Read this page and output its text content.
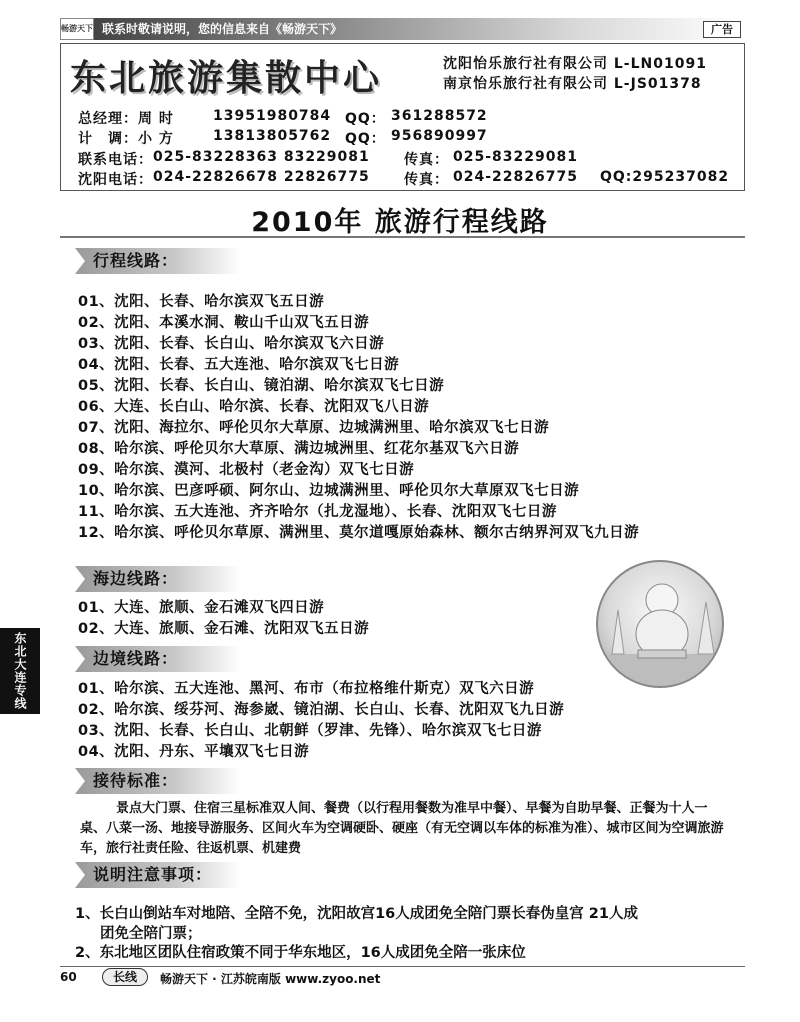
联系时敬请说明，您的信息来自《畅游天下》
畅游天下	广告
东北旅游集散中心	沈阳怡乐旅行社有限公司 L-LN01091
南京怡乐旅行社有限公司 L-JS01378
总经理：周 时	13951980784 QQ： 361288572
计　调：小 方	13813805762 QQ： 956890997
联系电话： 025-83228363 83229081 传真： 025-83229081
沈阳电话： 024-22826678 22826775 传真： 024-22826775 QQ:295237082
2010年 旅游行程线路
行程线路：
01、沈阳、长春、哈尔滨双飞五日游
02、沈阳、本溪水洞、鞍山千山双飞五日游
03、沈阳、长春、长白山、哈尔滨双飞六日游
04、沈阳、长春、五大连池、哈尔滨双飞七日游
05、沈阳、长春、长白山、镜泊湖、哈尔滨双飞七日游
06、大连、长白山、哈尔滨、长春、沈阳双飞八日游
07、沈阳、海拉尔、呼伦贝尔大草原、边城满洲里、哈尔滨双飞七日游
08、哈尔滨、呼伦贝尔大草原、满边城洲里、红花尔基双飞六日游
09、哈尔滨、漠河、北极村（老金沟）双飞七日游
10、哈尔滨、巴彦呼硕、阿尔山、边城满洲里、呼伦贝尔大草原双飞七日游
11、哈尔滨、五大连池、齐齐哈尔（扎龙湿地）、长春、沈阳双飞七日游
12、哈尔滨、呼伦贝尔草原、满洲里、莫尔道嘎原始森林、额尔古纳界河双飞九日游
海边线路：
01、大连、旅顺、金石滩双飞四日游
02、大连、旅顺、金石滩、沈阳双飞五日游
边境线路：
01、哈尔滨、五大连池、黑河、布市（布拉格维什斯克）双飞六日游
02、哈尔滨、绥芬河、海参崴、镜泊湖、长白山、长春、沈阳双飞九日游
03、沈阳、长春、长白山、北朝鲜（罗津、先锋）、哈尔滨双飞七日游
04、沈阳、丹东、平壤双飞七日游
接待标准：

景点大门票、住宿三星标准双人间、餐费（以行程用餐数为准早中餐）、早餐为自助早餐、正餐为十人一桌、八菜一汤、地接导游服务、区间火车为空调硬卧、硬座（有无空调以车体的标准为准）、城市区间为空调旅游车，旅行社责任险、往返机票、机建费

说明注意事项：
1、长白山倒站车对地陪、全陪不免，沈阳故宫16人成团免全陪门票长春伪皇宫 21人成
团免全陪门票；
2、东北地区团队住宿政策不同于华东地区，16人成团免全陪一张床位
东北大连专线
60	长线	畅游天下 · 江苏皖南版 www.zyoo.net
